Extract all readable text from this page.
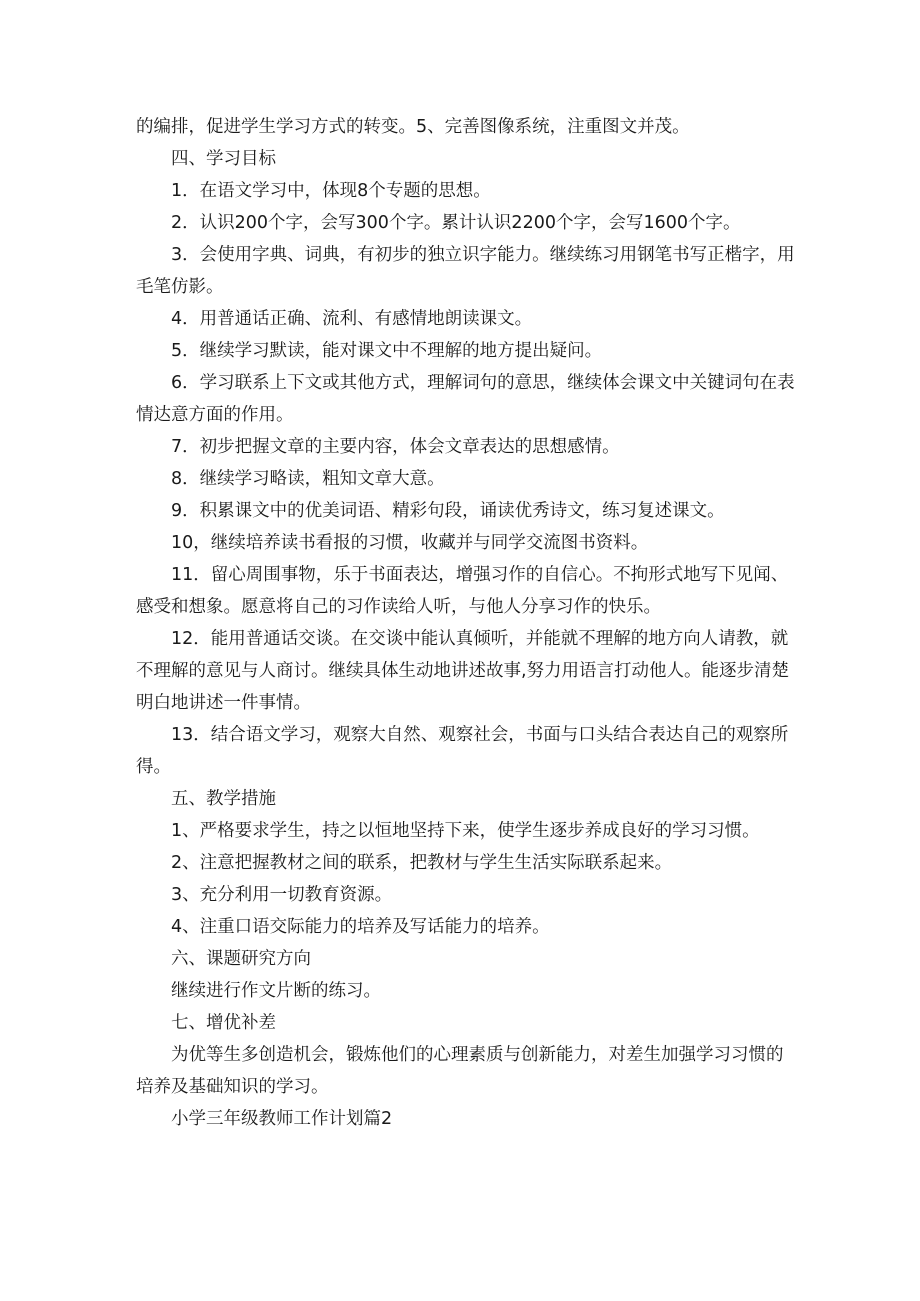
的编排，促进学生学习方式的转变。5、完善图像系统，注重图文并茂。

四、学习目标

1．在语文学习中，体现8个专题的思想。

2．认识200个字，会写300个字。累计认识2200个字，会写1600个字。

3．会使用字典、词典，有初步的独立识字能力。继续练习用钢笔书写正楷字，用毛笔仿影。

4．用普通话正确、流利、有感情地朗读课文。

5．继续学习默读，能对课文中不理解的地方提出疑问。

6．学习联系上下文或其他方式，理解词句的意思，继续体会课文中关键词句在表情达意方面的作用。

7．初步把握文章的主要内容，体会文章表达的思想感情。

8．继续学习略读，粗知文章大意。

9．积累课文中的优美词语、精彩句段，诵读优秀诗文，练习复述课文。

10，继续培养读书看报的习惯，收藏并与同学交流图书资料。

11．留心周围事物，乐于书面表达，增强习作的自信心。不拘形式地写下见闻、感受和想象。愿意将自己的习作读给人听，与他人分享习作的快乐。

12．能用普通话交谈。在交谈中能认真倾听，并能就不理解的地方向人请教，就不理解的意见与人商讨。继续具体生动地讲述故事,努力用语言打动他人。能逐步清楚明白地讲述一件事情。

13．结合语文学习，观察大自然、观察社会，书面与口头结合表达自己的观察所得。

五、教学措施

1、严格要求学生，持之以恒地坚持下来，使学生逐步养成良好的学习习惯。

2、注意把握教材之间的联系，把教材与学生生活实际联系起来。

3、充分利用一切教育资源。

4、注重口语交际能力的培养及写话能力的培养。

六、课题研究方向

继续进行作文片断的练习。

七、增优补差

为优等生多创造机会，锻炼他们的心理素质与创新能力，对差生加强学习习惯的培养及基础知识的学习。

小学三年级教师工作计划篇2
